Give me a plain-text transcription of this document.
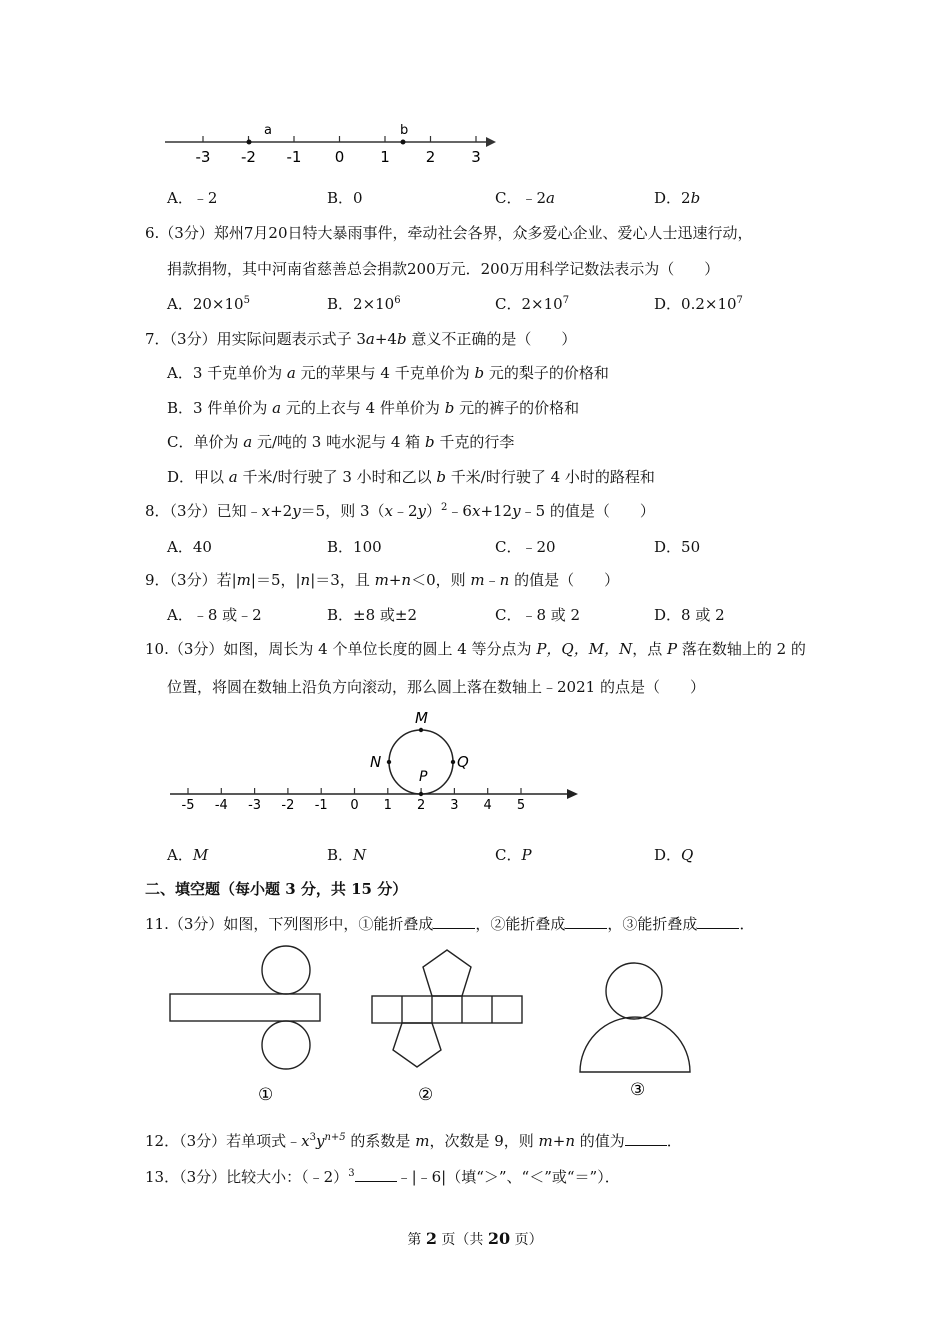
-3 -2 -1 0 1 2 3
a	b
A．﹣2	B．0	C．﹣2a	D．2b
6.（3分）郑州7月20日特大暴雨事件，牵动社会各界，众多爱心企业、爱心人士迅速行动，
捐款捐物，其中河南省慈善总会捐款200万元．200万用科学记数法表示为（　　）
A．$20\times 10^5$	B．$2\times 10^6$	C．$2\times 10^7$	D．$0.2\times 10^7$
7．（3分）用实际问题表示式子 3a+4b 意义不正确的是（　　）
A．3 千克单价为 a 元的苹果与 4 千克单价为 b 元的梨子的价格和
B．3 件单价为 a 元的上衣与 4 件单价为 b 元的裤子的价格和
C．单价为 a 元/吨的 3 吨水泥与 4 箱 b 千克的行李
D．甲以 a 千米/时行驶了 3 小时和乙以 b 千米/时行驶了 4 小时的路程和
8．（3分）已知﹣x+2y＝5，则 3（x﹣2y）$^2$﹣6x+12y﹣5 的值是（　　）
A．40	B．100	C．﹣20	D．50
9．（3分）若|m|＝5，|n|＝3，且 m+n＜0，则 m﹣n 的值是（　　）
A．﹣8 或﹣2	B．±8 或±2	C．﹣8 或 2	D．8 或 2
10.（3分）如图，周长为 4 个单位长度的圆上 4 等分点为 P，Q，M，N，点 P 落在数轴上的 2 的
位置，将圆在数轴上沿负方向滚动，那么圆上落在数轴上﹣2021 的点是（　　）
-5 -4 -3 -2 -1 0 1 2 3 4 5
M
N	Q
P
A．M	B．N	C．P	D．Q
二、填空题（每小题 3 分，共 15 分）
11.（3分）如图，下列图形中，①能折叠成	，②能折叠成	，③能折叠成	．
①	②	③
12．（3分）若单项式$﹣x^3y^{n+5}$ 的系数是 m，次数是 9，则 m+n 的值为	．
13．（3分）比较大小：（﹣2）$^3$	﹣|﹣6|（填“＞”、“＜”或“＝”）．
第 2 页（共 20 页）
